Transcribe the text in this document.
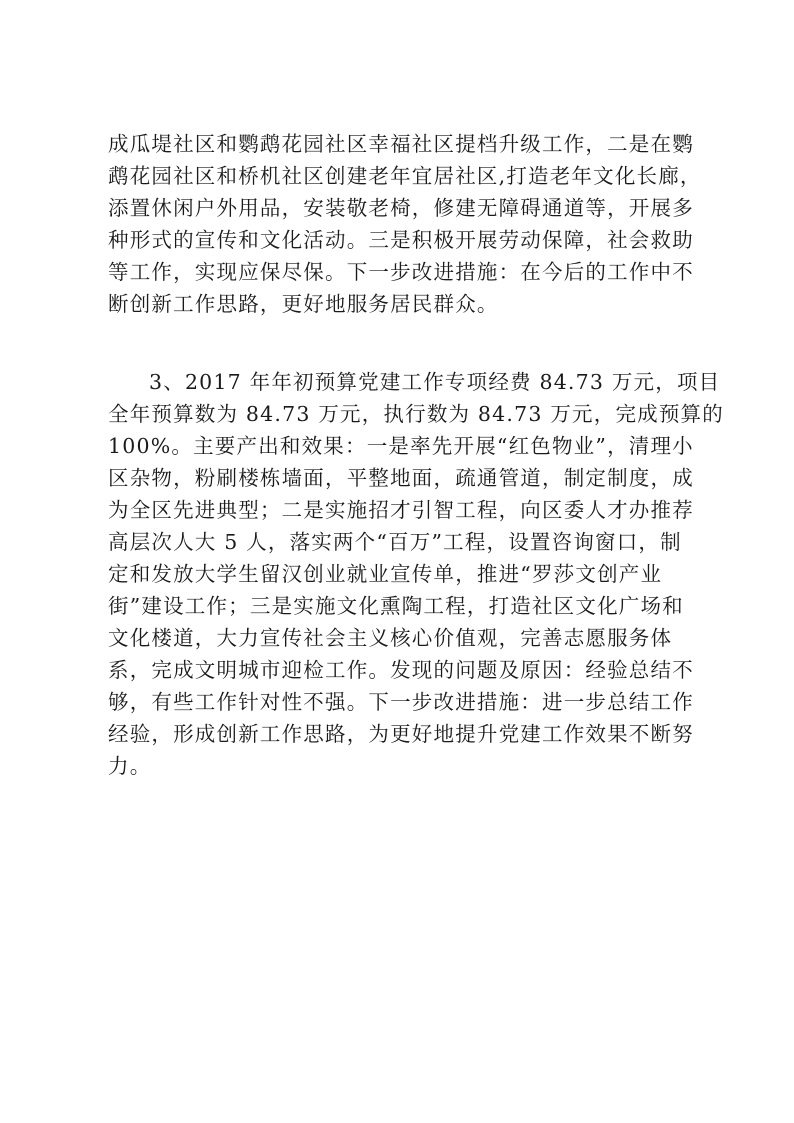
成瓜堤社区和鹦鹉花园社区幸福社区提档升级工作，二是在鹦
鹉花园社区和桥机社区创建老年宜居社区,打造老年文化长廊，
添置休闲户外用品，安装敬老椅，修建无障碍通道等，开展多
种形式的宣传和文化活动。三是积极开展劳动保障，社会救助
等工作，实现应保尽保。下一步改进措施：在今后的工作中不
断创新工作思路，更好地服务居民群众。

3、2017 年年初预算党建工作专项经费 84.73 万元，项目
全年预算数为 84.73 万元，执行数为 84.73 万元，完成预算的
100%。主要产出和效果：一是率先开展“红色物业”，清理小
区杂物，粉刷楼栋墙面，平整地面，疏通管道，制定制度，成
为全区先进典型；二是实施招才引智工程，向区委人才办推荐
高层次人大 5 人，落实两个“百万”工程，设置咨询窗口，制
定和发放大学生留汉创业就业宣传单，推进“罗莎文创产业
街”建设工作；三是实施文化熏陶工程，打造社区文化广场和
文化楼道，大力宣传社会主义核心价值观，完善志愿服务体
系，完成文明城市迎检工作。发现的问题及原因：经验总结不
够，有些工作针对性不强。下一步改进措施：进一步总结工作
经验，形成创新工作思路，为更好地提升党建工作效果不断努
力。
